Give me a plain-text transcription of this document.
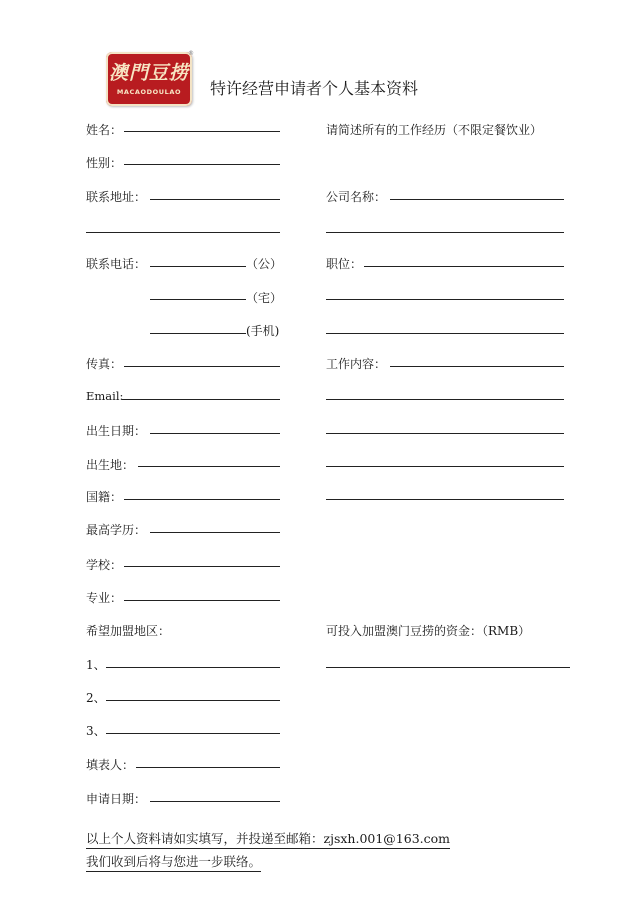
澳門豆捞
MACAODOULAO
®
特许经营申请者个人基本资料
姓名：
性别：
联系地址：
联系电话：	（公）
（宅）
(手机)
传真：
Email:
出生日期：
出生地：
国籍：
最高学历：
学校：
专业：
希望加盟地区：
1、
2、
3、
填表人：
申请日期：
请简述所有的工作经历（不限定餐饮业）
公司名称：
职位：
工作内容：
可投入加盟澳门豆捞的资金：（RMB）
以上个人资料请如实填写，并投递至邮箱：zjsxh.001@163.com
我们收到后将与您进一步联络。
